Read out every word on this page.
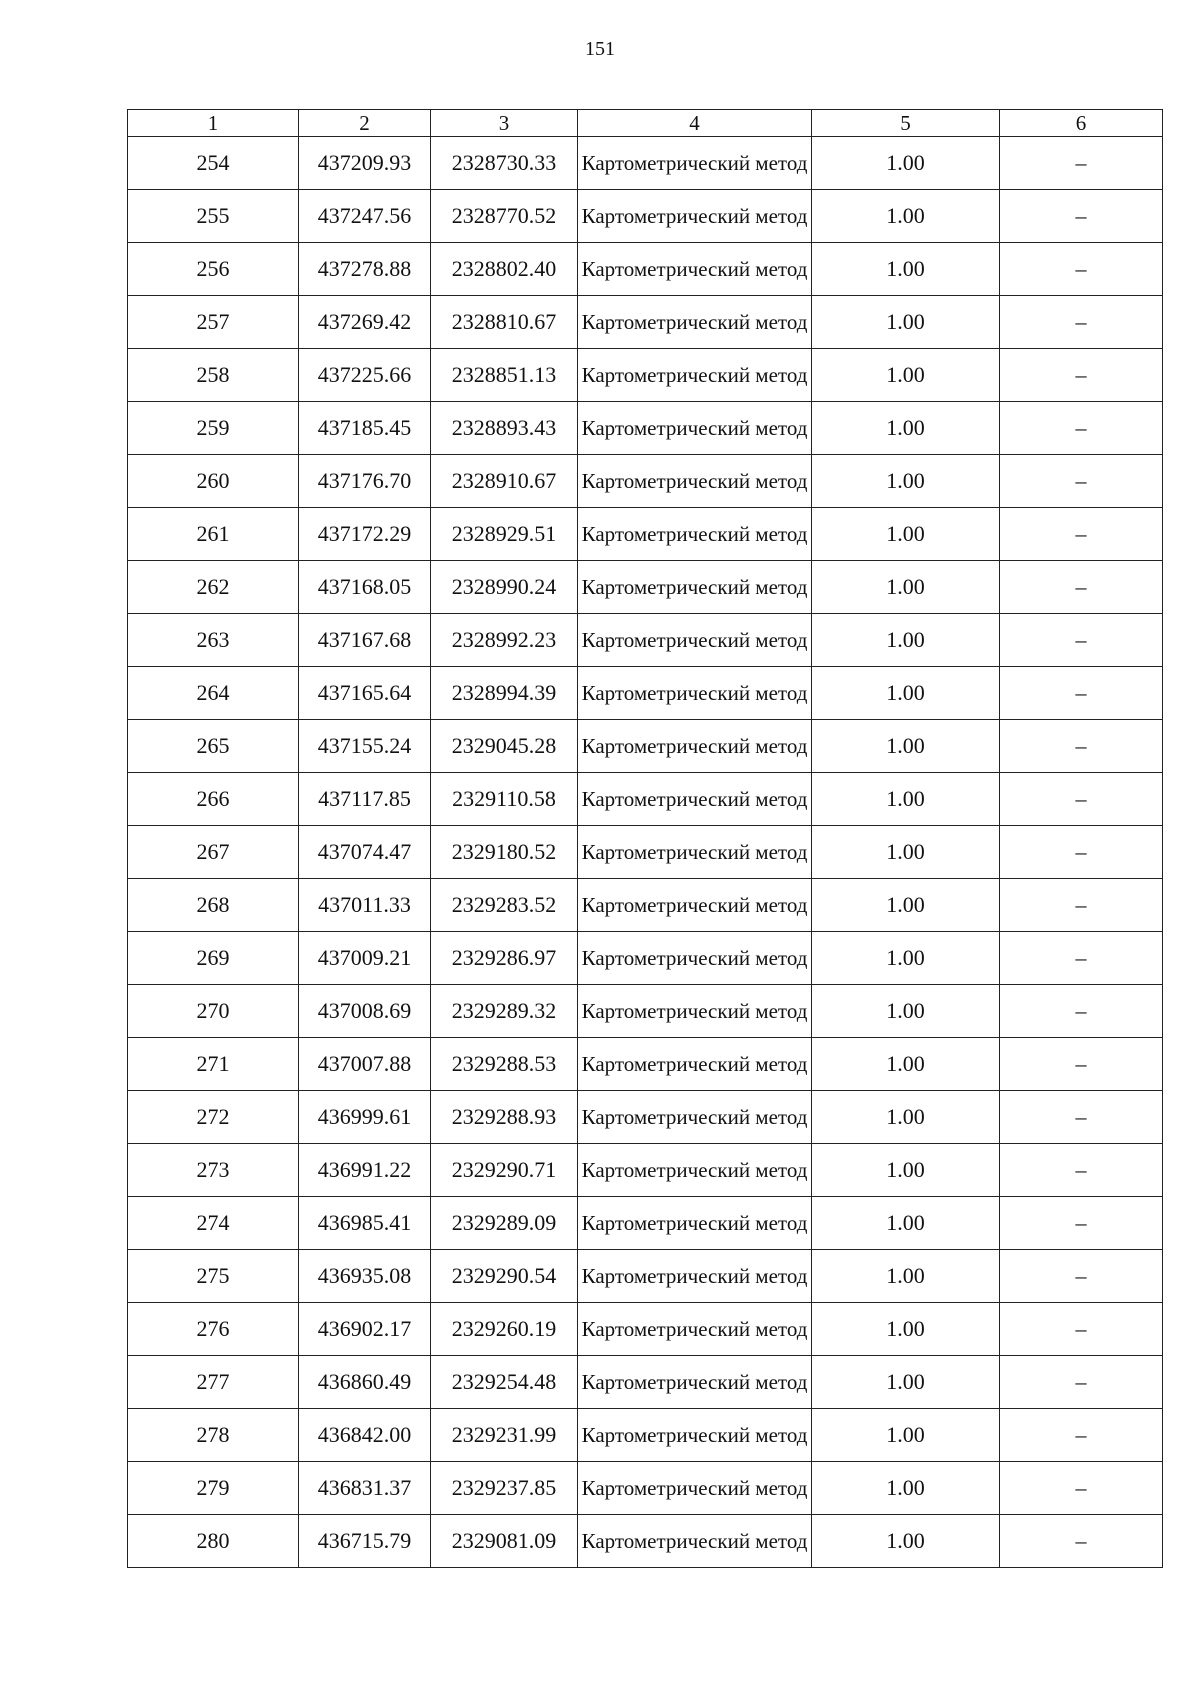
151
1	2	3	4	5	6
254	437209.93	2328730.33	Картометрический метод	1.00	–
255	437247.56	2328770.52	Картометрический метод	1.00	–
256	437278.88	2328802.40	Картометрический метод	1.00	–
257	437269.42	2328810.67	Картометрический метод	1.00	–
258	437225.66	2328851.13	Картометрический метод	1.00	–
259	437185.45	2328893.43	Картометрический метод	1.00	–
260	437176.70	2328910.67	Картометрический метод	1.00	–
261	437172.29	2328929.51	Картометрический метод	1.00	–
262	437168.05	2328990.24	Картометрический метод	1.00	–
263	437167.68	2328992.23	Картометрический метод	1.00	–
264	437165.64	2328994.39	Картометрический метод	1.00	–
265	437155.24	2329045.28	Картометрический метод	1.00	–
266	437117.85	2329110.58	Картометрический метод	1.00	–
267	437074.47	2329180.52	Картометрический метод	1.00	–
268	437011.33	2329283.52	Картометрический метод	1.00	–
269	437009.21	2329286.97	Картометрический метод	1.00	–
270	437008.69	2329289.32	Картометрический метод	1.00	–
271	437007.88	2329288.53	Картометрический метод	1.00	–
272	436999.61	2329288.93	Картометрический метод	1.00	–
273	436991.22	2329290.71	Картометрический метод	1.00	–
274	436985.41	2329289.09	Картометрический метод	1.00	–
275	436935.08	2329290.54	Картометрический метод	1.00	–
276	436902.17	2329260.19	Картометрический метод	1.00	–
277	436860.49	2329254.48	Картометрический метод	1.00	–
278	436842.00	2329231.99	Картометрический метод	1.00	–
279	436831.37	2329237.85	Картометрический метод	1.00	–
280	436715.79	2329081.09	Картометрический метод	1.00	–
